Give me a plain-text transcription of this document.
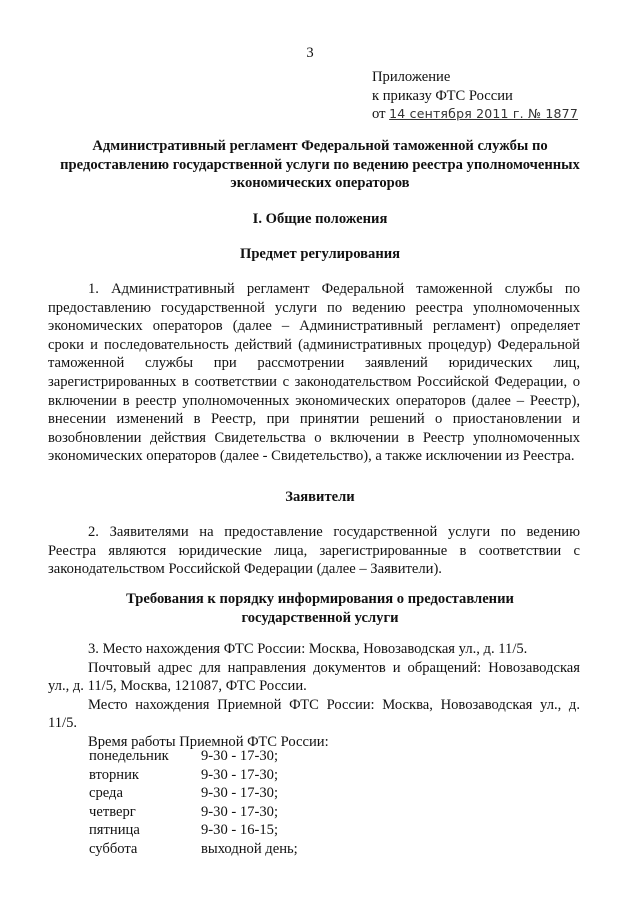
3
Приложение
к приказу ФТС России
от 14 сентября 2011 г. № 1877
Административный регламент Федеральной таможенной службы по предоставлению государственной услуги по ведению реестра уполномоченных экономических операторов
I. Общие положения
Предмет регулирования

1. Административный регламент Федеральной таможенной службы по предоставлению государственной услуги по ведению реестра уполномоченных экономических операторов (далее – Административный регламент) определяет сроки и последовательность действий (административных процедур) Федеральной таможенной службы при рассмотрении заявлений юридических лиц, зарегистрированных в соответствии с законодательством Российской Федерации, о включении в реестр уполномоченных экономических операторов (далее – Реестр), внесении изменений в Реестр, при принятии решений о приостановлении и возобновлении действия Свидетельства о включении в Реестр уполномоченных экономических операторов (далее - Свидетельство), а также исключении из Реестра.

Заявители

2. Заявителями на предоставление государственной услуги по ведению Реестра являются юридические лица, зарегистрированные в соответствии с законодательством Российской Федерации (далее – Заявители).

Требования к порядку информирования о предоставлении
государственной услуги

3. Место нахождения ФТС России: Москва, Новозаводская ул., д. 11/5.

Почтовый адрес для направления документов и обращений: Новозаводская ул., д. 11/5, Москва, 121087, ФТС России.

Место нахождения Приемной ФТС России: Москва, Новозаводская ул., д. 11/5.

Время работы Приемной ФТС России:

понедельник	9-30 - 17-30;
вторник	9-30 - 17-30;
среда	9-30 - 17-30;
четверг	9-30 - 17-30;
пятница	9-30 - 16-15;
суббота	выходной день;
